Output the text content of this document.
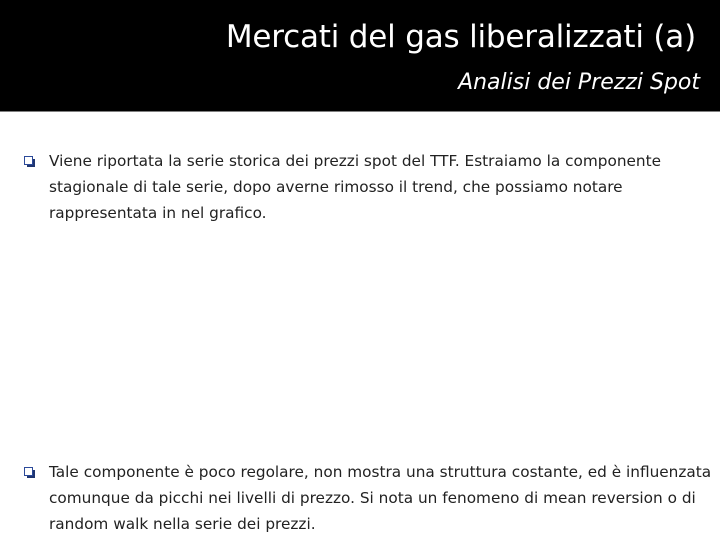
Mercati del gas liberalizzati (a)
Analisi dei Prezzi Spot

Viene riportata la serie storica dei prezzi spot del TTF. Estraiamo la componente stagionale di tale serie, dopo averne rimosso il trend, che possiamo notare rappresentata in nel grafico.

Tale componente è poco regolare, non mostra una struttura costante, ed è influenzata comunque da picchi nei livelli di prezzo. Si nota un fenomeno di mean reversion o di random walk nella serie dei prezzi.
